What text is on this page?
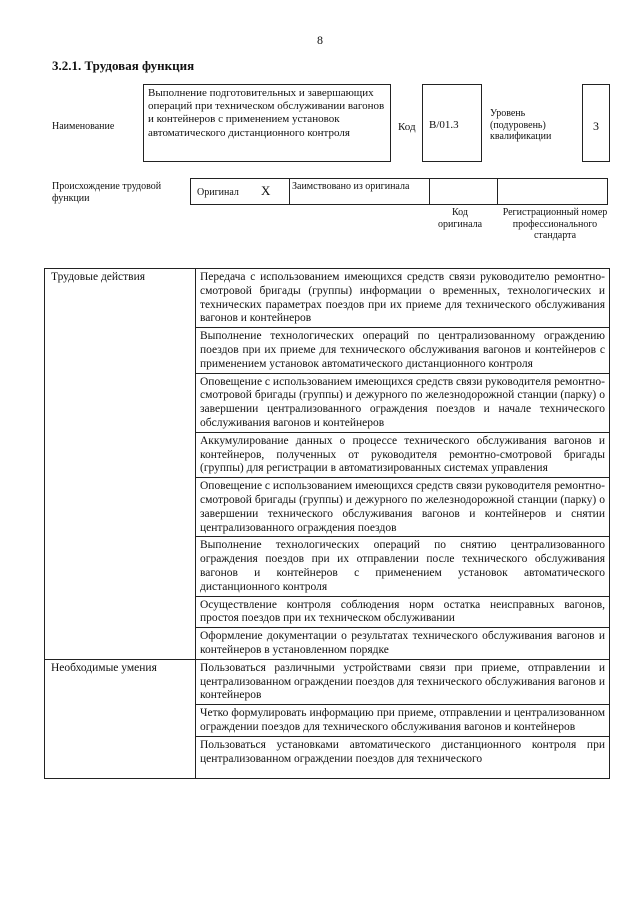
8
3.2.1. Трудовая функция
Наименование
Выполнение подготовительных и завершающих операций при техническом обслуживании вагонов и контейнеров с применением установок автоматического дистанционного контроля	Код	B/01.3
Уровень (подуровень) квалификации
3
Происхождение трудовой функции	Оригинал X Заимствовано из оригинала
Код оригинала
Регистрационный номер профессионального стандарта
Трудовые действия	Передача с использованием имеющихся средств связи руководителю ремонтно-смотровой бригады (группы) информации о временных, технологических и технических параметрах поездов при их приеме для технического обслуживания вагонов и контейнеров
	Выполнение технологических операций по централизованному ограждению поездов при их приеме для технического обслуживания вагонов и контейнеров с применением установок автоматического дистанционного контроля
	Оповещение с использованием имеющихся средств связи руководителя ремонтно-смотровой бригады (группы) и дежурного по железнодорожной станции (парку) о завершении централизованного ограждения поездов и начале технического обслуживания вагонов и контейнеров
	Аккумулирование данных о процессе технического обслуживания вагонов и контейнеров, полученных от руководителя ремонтно-смотровой бригады (группы) для регистрации в автоматизированных системах управления
	Оповещение с использованием имеющихся средств связи руководителя ремонтно-смотровой бригады (группы) и дежурного по железнодорожной станции (парку) о завершении технического обслуживания вагонов и контейнеров и снятии централизованного ограждения поездов
	Выполнение технологических операций по снятию централизованного ограждения поездов при их отправлении после технического обслуживания вагонов и контейнеров с применением установок автоматического дистанционного контроля
	Осуществление контроля соблюдения норм остатка неисправных вагонов, простоя поездов при их техническом обслуживании
	Оформление документации о результатах технического обслуживания вагонов и контейнеров в установленном порядке
Необходимые умения	Пользоваться различными устройствами связи при приеме, отправлении и централизованном ограждении поездов для технического обслуживания вагонов и контейнеров
	Четко формулировать информацию при приеме, отправлении и централизованном ограждении поездов для технического обслуживания вагонов и контейнеров

	Пользоваться установками автоматического дистанционного контроля при централизованном ограждении поездов для технического
